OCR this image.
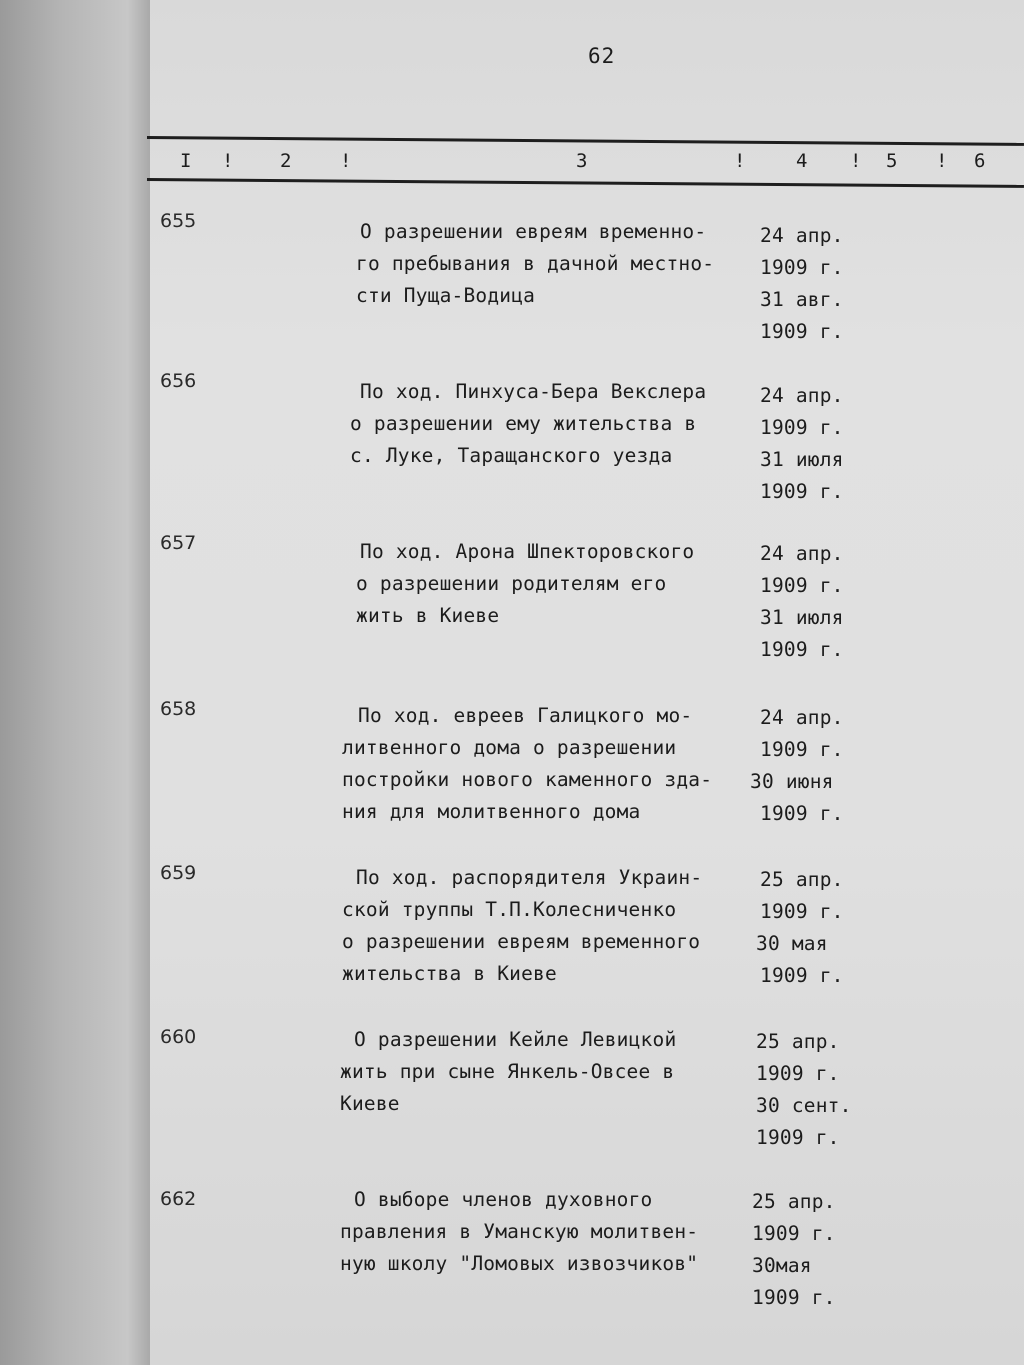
62
I ! 2	!	3	!	4 ! 5 ! 6
655	О разрешении евреям временно-
го пребывания в дачной местно-
сти Пуща-Водица
24 апр.
1909 г.
31 авг.
1909 г.
656	По ход. Пинхуса-Бера Векслера
о разрешении ему жительства в
с. Луке, Таращанского уезда
24 апр.
1909 г.
31 июля
1909 г.
657	По ход. Арона Шпекторовского
о разрешении родителям его
жить в Киеве
24 апр.
1909 г.
31 июля
1909 г.
658	По ход. евреев Галицкого мо-
литвенного дома о разрешении
постройки нового каменного зда-
ния для молитвенного дома
24 апр.
1909 г.
30 июня
1909 г.
659	По ход. распорядителя Украин-
ской труппы Т.П.Колесниченко
о разрешении евреям временного
жительства в Киеве
25 апр.
1909 г.
30 мая
1909 г.
660	О разрешении Кейле Левицкой
жить при сыне Янкель-Овсее в
Киеве
25 апр.
1909 г.
30 сент.
1909 г.
662	О выборе членов духовного
правления в Уманскую молитвен-
ную школу "Ломовых извозчиков"
25 апр.
1909 г.
30мая
1909 г.
